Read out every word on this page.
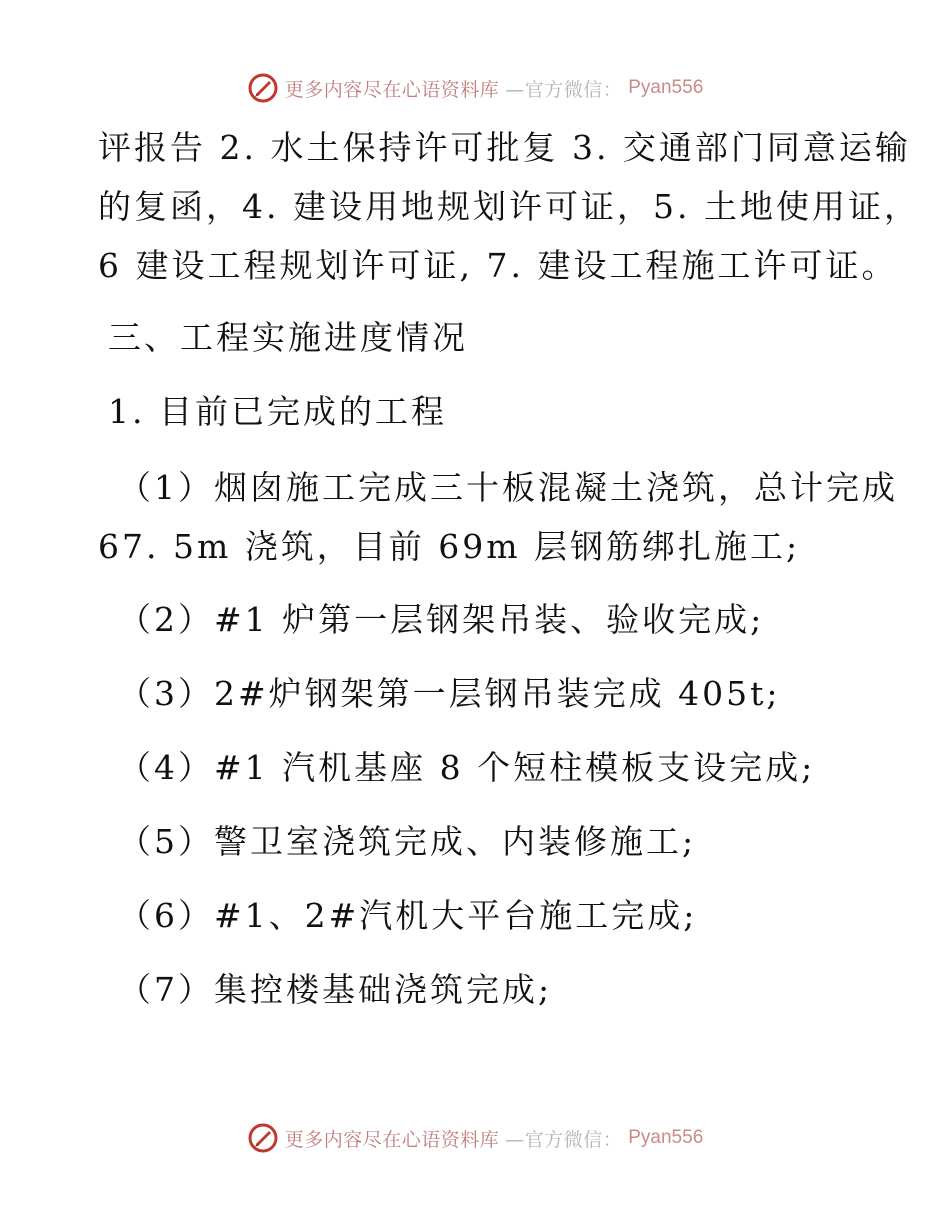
更多内容尽在心语资料库 —官方微信： Pyan556
评报告 2. 水土保持许可批复 3. 交通部门同意运输
的复函，4. 建设用地规划许可证，5. 土地使用证，
6 建设工程规划许可证, 7. 建设工程施工许可证。
三、工程实施进度情况
1. 目前已完成的工程
（1）烟囱施工完成三十板混凝土浇筑，总计完成
67. 5m 浇筑，目前 69m 层钢筋绑扎施工;
（2）#1 炉第一层钢架吊装、验收完成;
（3）2#炉钢架第一层钢吊装完成 405t;
（4）#1 汽机基座 8 个短柱模板支设完成;
（5）警卫室浇筑完成、内装修施工;
（6）#1、2#汽机大平台施工完成;
（7）集控楼基础浇筑完成;
更多内容尽在心语资料库 —官方微信： Pyan556
